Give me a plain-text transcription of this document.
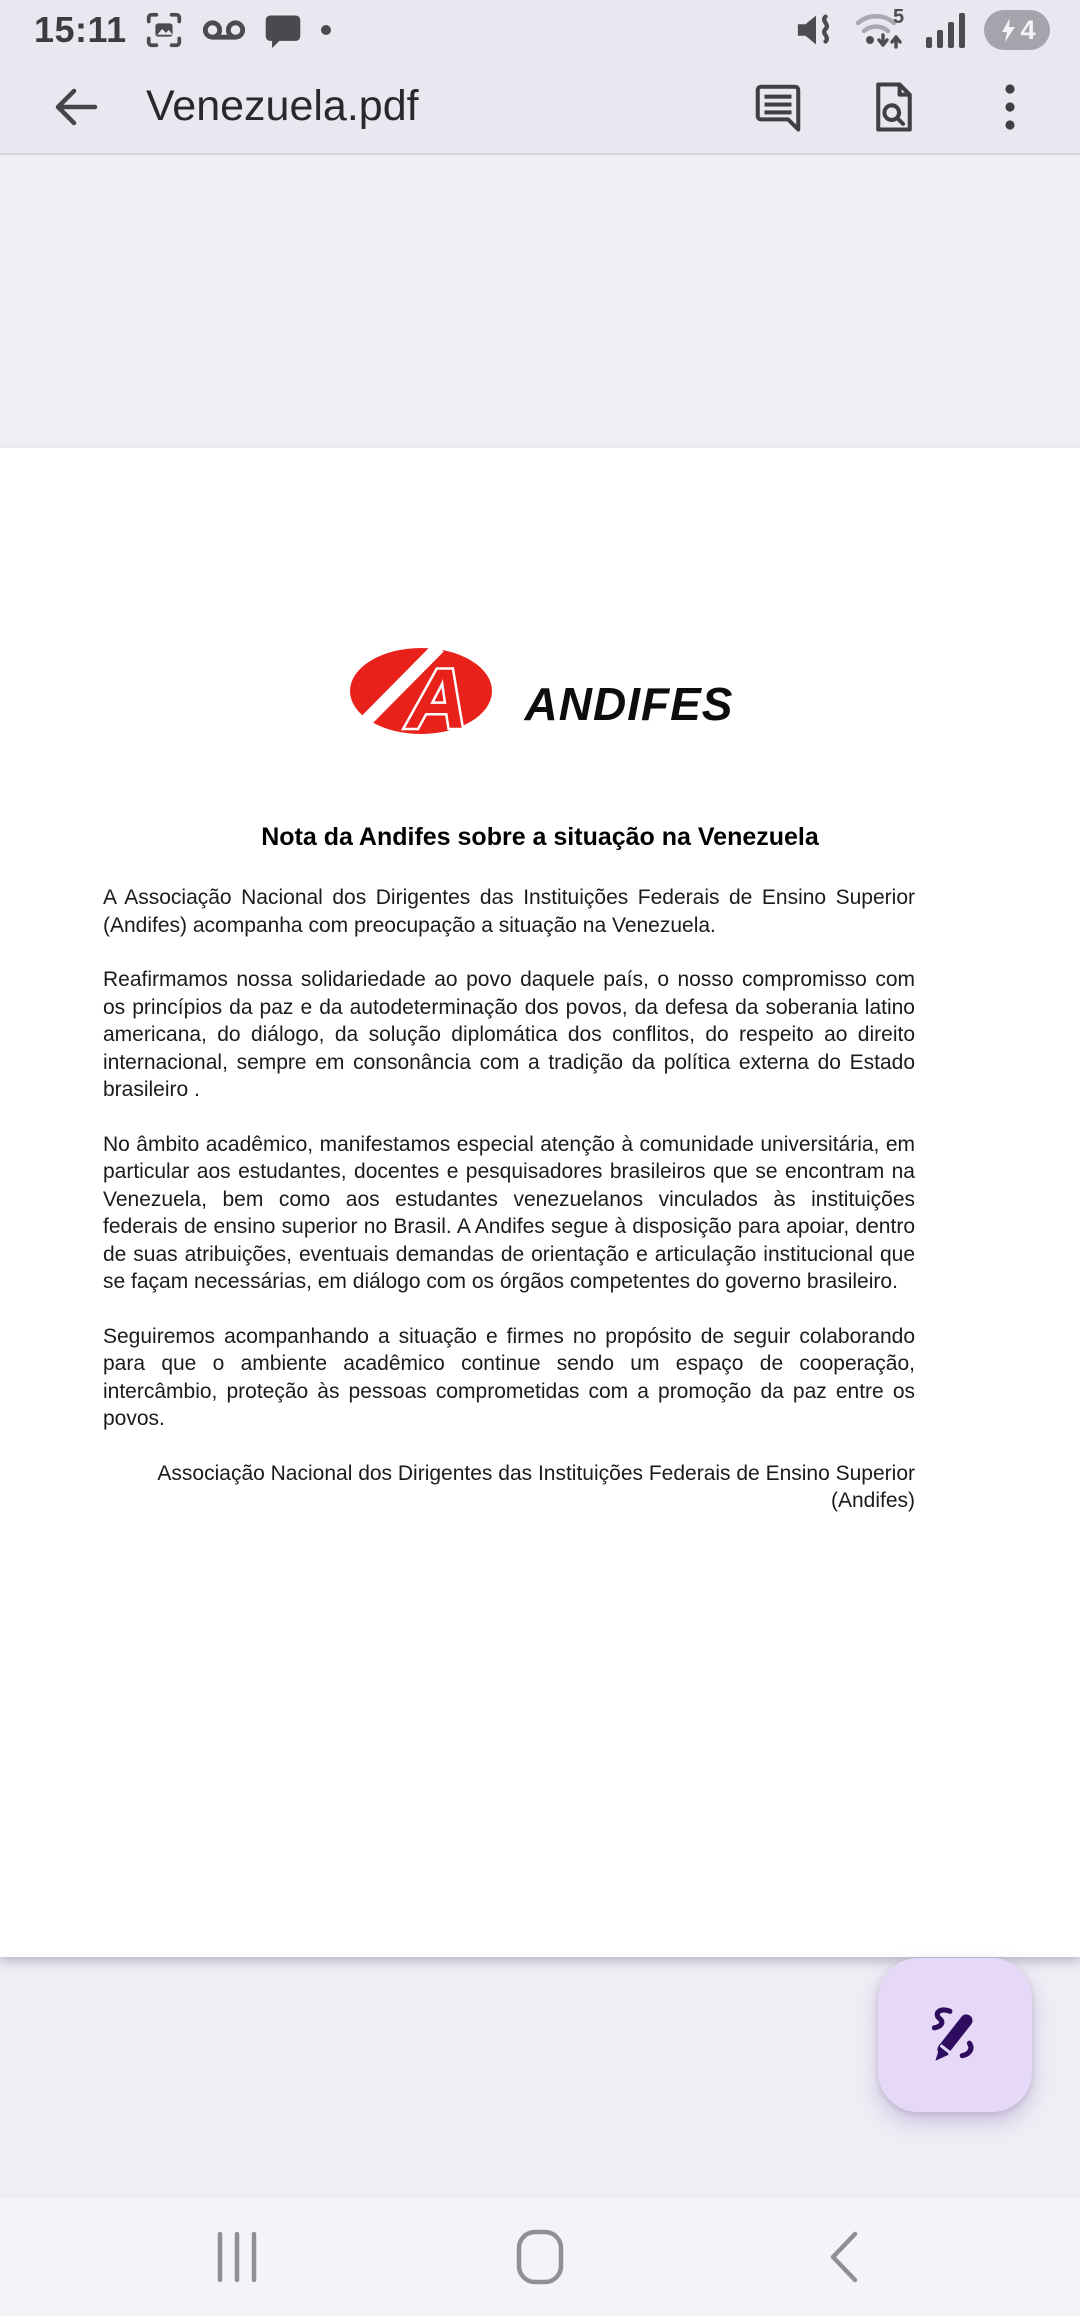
15:11	5	4
Venezuela.pdf
A ANDIFES
Nota da Andifes sobre a situação na Venezuela

A Associação Nacional dos Dirigentes das Instituições Federais de Ensino Superior (Andifes) acompanha com preocupação a situação na Venezuela.

Reafirmamos nossa solidariedade ao povo daquele país, o nosso compromisso com os princípios da paz e da autodeterminação dos povos, da defesa da soberania latino americana, do diálogo, da solução diplomática dos conflitos, do respeito ao direito internacional, sempre em consonância com a tradição da política externa do Estado brasileiro .

No âmbito acadêmico, manifestamos especial atenção à comunidade universitária, em particular aos estudantes, docentes e pesquisadores brasileiros que se encontram na Venezuela, bem como aos estudantes venezuelanos vinculados às instituições federais de ensino superior no Brasil. A Andifes segue à disposição para apoiar, dentro de suas atribuições, eventuais demandas de orientação e articulação institucional que se façam necessárias, em diálogo com os órgãos competentes do governo brasileiro.

Seguiremos acompanhando a situação e firmes no propósito de seguir colaborando para que o ambiente acadêmico continue sendo um espaço de cooperação, intercâmbio, proteção às pessoas comprometidas com a promoção da paz entre os povos.

Associação Nacional dos Dirigentes das Instituições Federais de Ensino Superior
(Andifes)
